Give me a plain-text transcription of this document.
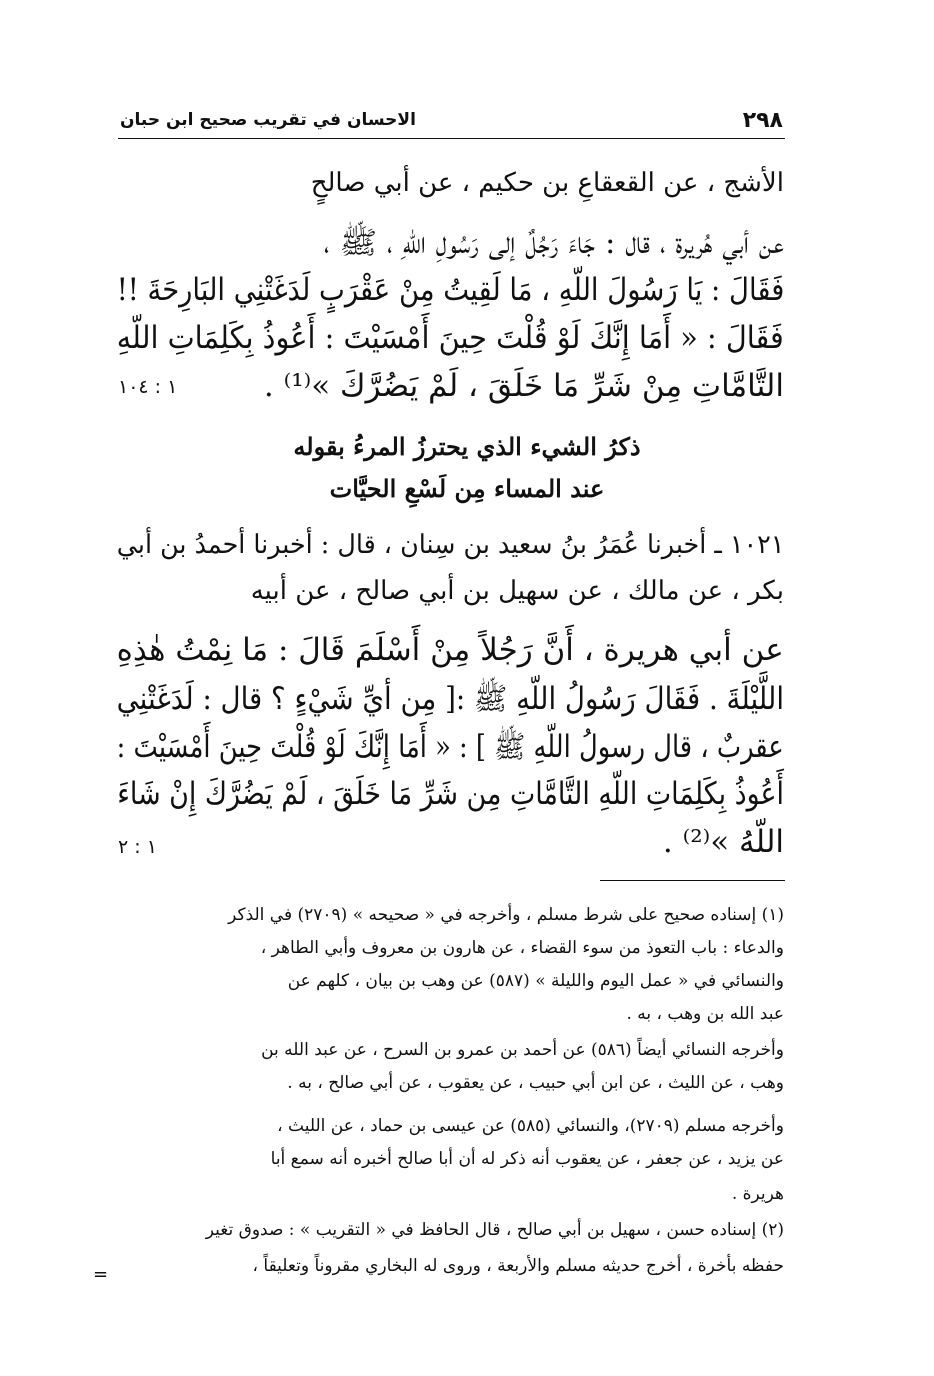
٢٩٨
الاحسان في تقريب صحيح ابن حبان
الأشج ، عن القعقاعِ بن حكيم ، عن أبي صالحٍ
عن أبي هُريرة ، قال : جَاءَ رَجُلٌ إلى رَسُولِ اللّهِ ، ﷺ ،
فَقَالَ : يَا رَسُولَ اللّهِ ، مَا لَقِيتُ مِنْ عَقْرَبٍ لَدَغَتْنِي البَارِحَةَ !!
فَقَالَ : « أَمَا إِنَّكَ لَوْ قُلْتَ حِينَ أَمْسَيْتَ : أَعُوذُ بِكَلِمَاتِ اللّهِ
التَّامَّاتِ مِنْ شَرِّ مَا خَلَقَ ، لَمْ يَضُرَّكَ »⁽¹⁾ .
١ : ١٠٤
ذكرُ الشيء الذي يحترزُ المرءُ بقوله
عند المساء مِن لَسْعِ الحيَّات
١٠٢١ ـ أخبرنا عُمَرُ بنُ سعيد بن سِنان ، قال : أخبرنا أحمدُ بن أبي
بكر ، عن مالك ، عن سهيل بن أبي صالح ، عن أبيه
عن أبي هريرة ، أَنَّ رَجُلاً مِنْ أَسْلَمَ قَالَ : مَا نِمْتُ هٰذِهِ
اللَّيْلَةَ . فَقَالَ رَسُولُ اللّهِ ﷺ :[ مِن أيِّ شَيْءٍ ؟ قال : لَدَغَتْنِي
عقربٌ ، قال رسولُ اللّهِ ﷺ ] : « أَمَا إِنَّكَ لَوْ قُلْتَ حِينَ أَمْسَيْتَ :
أَعُوذُ بِكَلِمَاتِ اللّهِ التَّامَّاتِ مِن شَرِّ مَا خَلَقَ ، لَمْ يَضُرَّكَ إِنْ شَاءَ
اللّهُ »⁽²⁾ .
١ : ٢
(١) إسناده صحيح على شرط مسلم ، وأخرجه في « صحيحه » (٢٧٠٩) في الذكر
والدعاء : باب التعوذ من سوء القضاء ، عن هارون بن معروف وأبي الطاهر ،
والنسائي في « عمل اليوم والليلة » (٥٨٧) عن وهب بن بيان ، كلهم عن
عبد الله بن وهب ، به .
وأخرجه النسائي أيضاً (٥٨٦) عن أحمد بن عمرو بن السرح ، عن عبد الله بن
وهب ، عن الليث ، عن ابن أبي حبيب ، عن يعقوب ، عن أبي صالح ، به .
وأخرجه مسلم (٢٧٠٩)، والنسائي (٥٨٥) عن عيسى بن حماد ، عن الليث ،
عن يزيد ، عن جعفر ، عن يعقوب أنه ذكر له أن أبا صالح أخبره أنه سمع أبا
هريرة .
(٢) إسناده حسن ، سهيل بن أبي صالح ، قال الحافظ في « التقريب » : صدوق تغير
حفظه بأخرة ، أخرج حديثه مسلم والأربعة ، وروى له البخاري مقروناً وتعليقاً ،
=
